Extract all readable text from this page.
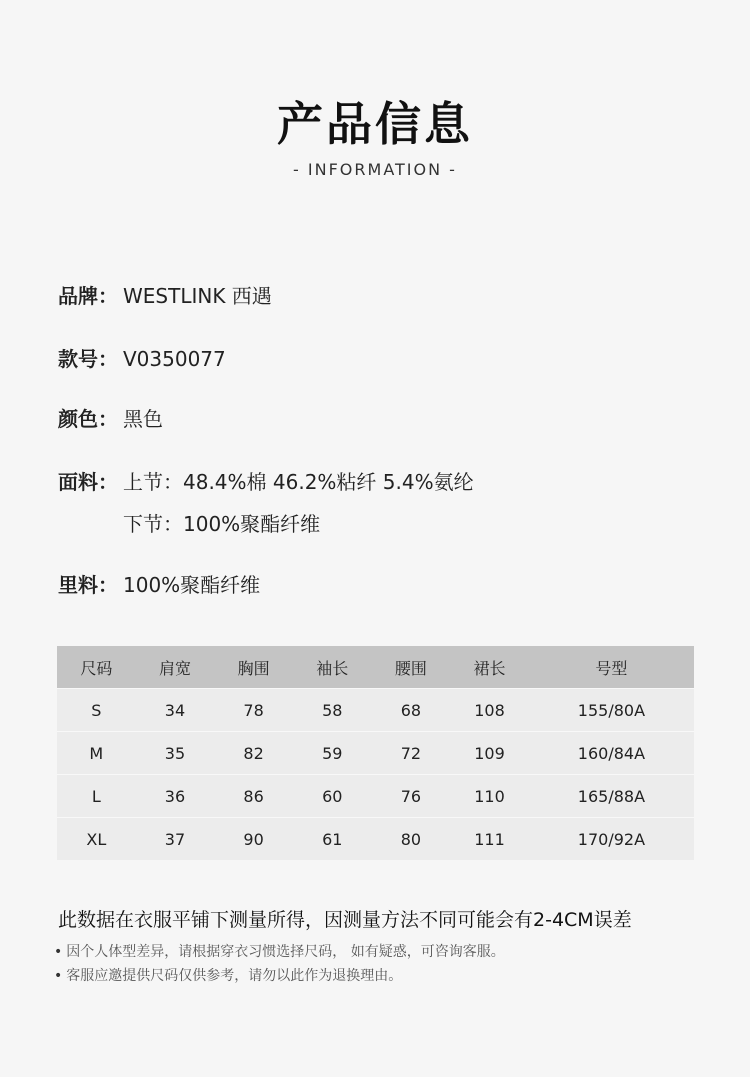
产品信息
- INFORMATION -
品牌： WESTLINK 西遇
款号： V0350077
颜色： 黑色
面料： 上节：48.4%棉 46.2%粘纤 5.4%氨纶
下节：100%聚酯纤维
里料： 100%聚酯纤维
尺码	肩宽	胸围	袖长	腰围	裙长	号型
S	34	78	58	68	108	155/80A
M	35	82	59	72	109	160/84A
L	36	86	60	76	110	165/88A
XL	37	90	61	80	111	170/92A
此数据在衣服平铺下测量所得，因测量方法不同可能会有2-4CM误差
• 因个人体型差异，请根据穿衣习惯选择尺码， 如有疑惑，可咨询客服。
• 客服应邀提供尺码仅供参考，请勿以此作为退换理由。
